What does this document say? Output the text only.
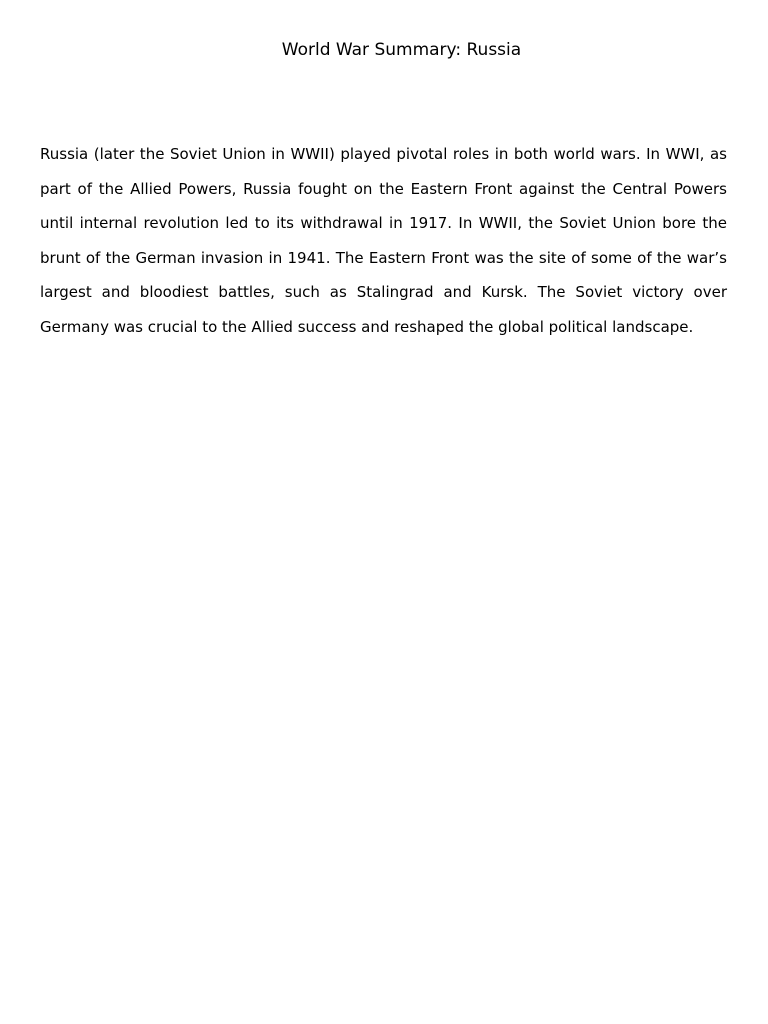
World War Summary: Russia

Russia (later the Soviet Union in WWII) played pivotal roles in both world wars. In WWI, as part of the Allied Powers, Russia fought on the Eastern Front against the Central Powers until internal revolution led to its withdrawal in 1917. In WWII, the Soviet Union bore the brunt of the German invasion in 1941. The Eastern Front was the site of some of the war’s largest and bloodiest battles, such as Stalingrad and Kursk. The Soviet victory over Germany was crucial to the Allied success and reshaped the global political landscape.
